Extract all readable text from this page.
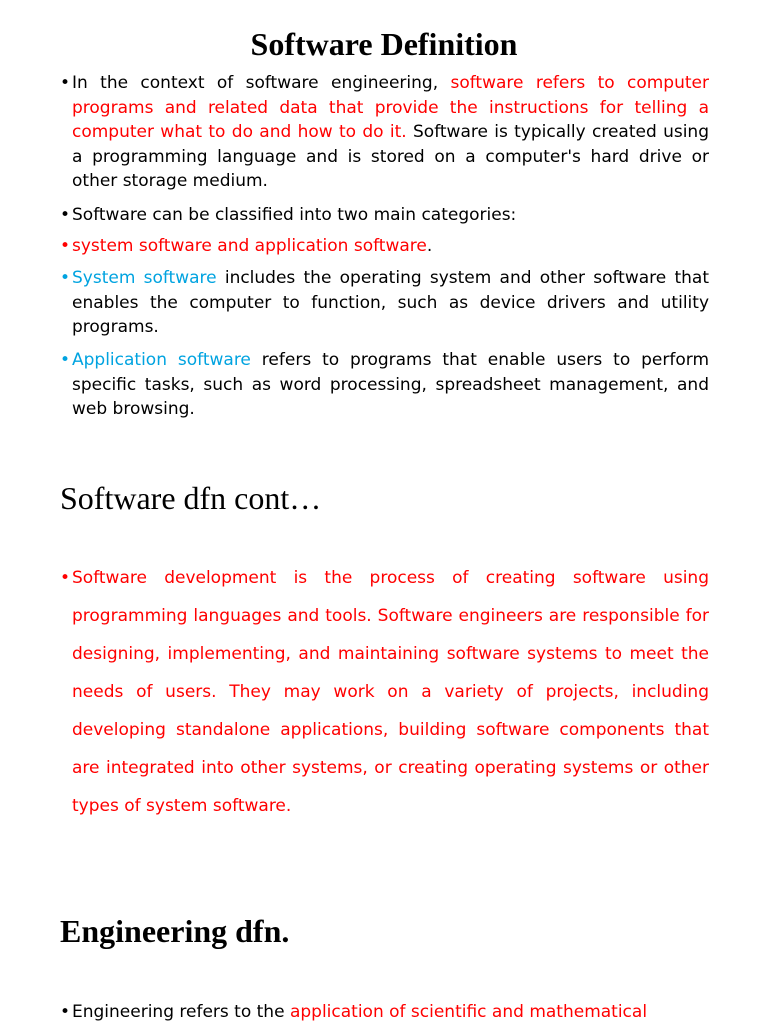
Software Definition
• In the context of software engineering, software refers to computer programs and related data that provide the instructions for telling a computer what to do and how to do it. Software is typically created using a programming language and is stored on a computer's hard drive or other storage medium.
• Software can be classified into two main categories:
• system software and application software.
• System software includes the operating system and other software that enables the computer to function, such as device drivers and utility programs.
• Application software refers to programs that enable users to perform specific tasks, such as word processing, spreadsheet management, and web browsing.
Software dfn cont…
• Software development is the process of creating software using programming languages and tools. Software engineers are responsible for designing, implementing, and maintaining software systems to meet the needs of users. They may work on a variety of projects, including developing standalone applications, building software components that are integrated into other systems, or creating operating systems or other types of system software.
Engineering dfn.
• Engineering refers to the application of scientific and mathematical
